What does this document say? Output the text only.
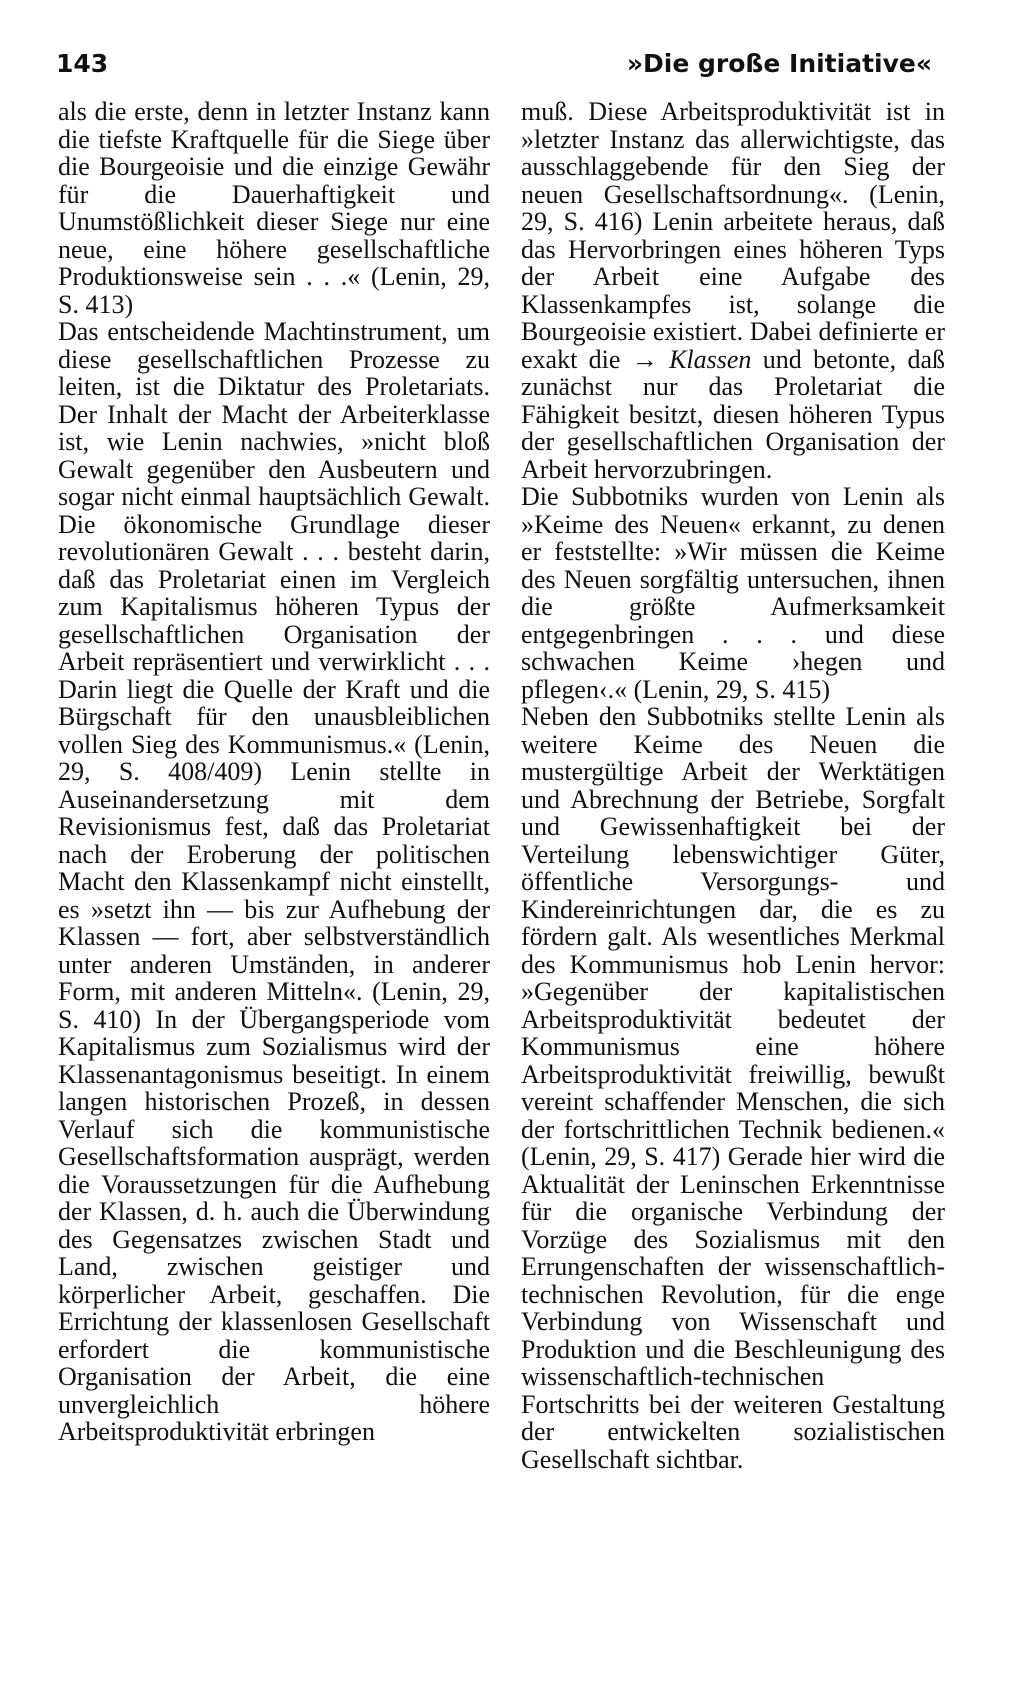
143	»Die große Initiative«

als die erste, denn in letzter Instanz kann die tiefste Kraftquelle für die Siege über die Bourgeoisie und die einzige Gewähr für die Dauerhaftigkeit und Unumstößlichkeit dieser Siege nur eine neue, eine höhere gesellschaftliche Produktionsweise sein . . .« (Lenin, 29, S. 413)

Das entscheidende Machtinstrument, um diese gesellschaftlichen Prozesse zu leiten, ist die Diktatur des Proletariats. Der Inhalt der Macht der Arbeiterklasse ist, wie Lenin nachwies, »nicht bloß Gewalt gegenüber den Ausbeutern und sogar nicht einmal hauptsächlich Gewalt. Die ökonomische Grundlage dieser revolutionären Gewalt . . . besteht darin, daß das Proletariat einen im Vergleich zum Kapitalismus höheren Typus der gesellschaftlichen Organisation der Arbeit repräsentiert und verwirklicht . . . Darin liegt die Quelle der Kraft und die Bürgschaft für den unausbleiblichen vollen Sieg des Kommunismus.« (Lenin, 29, S. 408/409) Lenin stellte in Auseinandersetzung mit dem Revisionismus fest, daß das Proletariat nach der Eroberung der politischen Macht den Klassenkampf nicht einstellt, es »setzt ihn — bis zur Aufhebung der Klassen — fort, aber selbstverständlich unter anderen Umständen, in anderer Form, mit anderen Mitteln«. (Lenin, 29, S. 410) In der Übergangsperiode vom Kapitalismus zum Sozialismus wird der Klassenantagonismus beseitigt. In einem langen historischen Prozeß, in dessen Verlauf sich die kommunistische Gesellschaftsformation ausprägt, werden die Voraussetzungen für die Aufhebung der Klassen, d. h. auch die Überwindung des Gegensatzes zwischen Stadt und Land, zwischen geistiger und körperlicher Arbeit, geschaffen. Die Errichtung der klassenlosen Gesellschaft erfordert die kommunistische Organisation der Arbeit, die eine unvergleichlich höhere Arbeitsproduktivität erbringen

muß. Diese Arbeitsproduktivität ist in »letzter Instanz das allerwichtigste, das ausschlaggebende für den Sieg der neuen Gesellschaftsordnung«. (Lenin, 29, S. 416) Lenin arbeitete heraus, daß das Hervorbringen eines höheren Typs der Arbeit eine Aufgabe des Klassenkampfes ist, solange die Bourgeoisie existiert. Dabei definierte er exakt die → Klassen und betonte, daß zunächst nur das Proletariat die Fähigkeit besitzt, diesen höheren Typus der gesellschaftlichen Organisation der Arbeit hervorzubringen.

Die Subbotniks wurden von Lenin als »Keime des Neuen« erkannt, zu denen er feststellte: »Wir müssen die Keime des Neuen sorgfältig untersuchen, ihnen die größte Aufmerksamkeit entgegenbringen . . . und diese schwachen Keime ›hegen und pflegen‹.« (Lenin, 29, S. 415)

Neben den Subbotniks stellte Lenin als weitere Keime des Neuen die mustergültige Arbeit der Werktätigen und Abrechnung der Betriebe, Sorgfalt und Gewissenhaftigkeit bei der Verteilung lebenswichtiger Güter, öffentliche Versorgungs- und Kindereinrichtungen dar, die es zu fördern galt. Als wesentliches Merkmal des Kommunismus hob Lenin hervor: »Gegenüber der kapitalistischen Arbeitsproduktivität bedeutet der Kommunismus eine höhere Arbeitsproduktivität freiwillig, bewußt vereint schaffender Menschen, die sich der fortschrittlichen Technik bedienen.« (Lenin, 29, S. 417) Gerade hier wird die Aktualität der Leninschen Erkenntnisse für die organische Verbindung der Vorzüge des Sozialismus mit den Errungenschaften der wissenschaftlich-technischen Revolution, für die enge Verbindung von Wissenschaft und Produktion und die Beschleunigung des wissenschaftlich-technischen Fortschritts bei der weiteren Gestaltung der entwickelten sozialistischen Gesellschaft sichtbar.
